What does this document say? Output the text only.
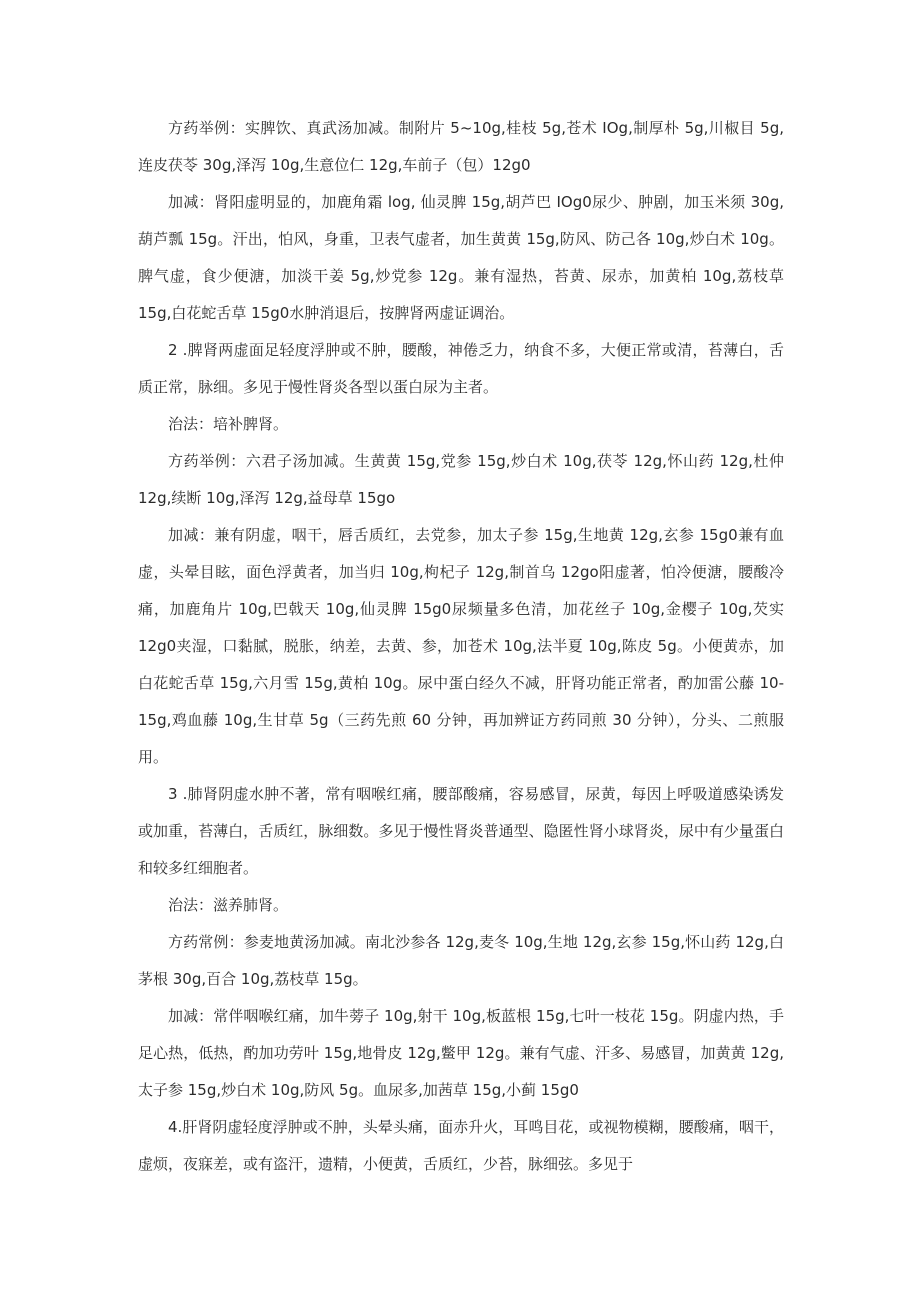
方药举例：实脾饮、真武汤加减。制附片 5~10g,桂枝 5g,苍术 IOg,制厚朴 5g,川椒目 5g,连皮茯苓 30g,泽泻 10g,生意位仁 12g,车前子（包）12g0

加减：肾阳虚明显的，加鹿角霜 log, 仙灵脾 15g,胡芦巴 IOg0尿少、肿剧，加玉米须 30g,葫芦瓢 15g。汗出，怕风，身重，卫表气虚者，加生黄黄 15g,防风、防己各 10g,炒白术 10g。脾气虚，食少便溏，加淡干姜 5g,炒党参 12g。兼有湿热，苔黄、尿赤，加黄柏 10g,荔枝草 15g,白花蛇舌草 15g0水肿消退后，按脾肾两虚证调治。

2 .脾肾两虚面足轻度浮肿或不肿，腰酸，神倦乏力，纳食不多，大便正常或清，苔薄白，舌质正常，脉细。多见于慢性肾炎各型以蛋白尿为主者。

治法：培补脾肾。

方药举例：六君子汤加减。生黄黄 15g,党参 15g,炒白术 10g,茯苓 12g,怀山药 12g,杜仲 12g,续断 10g,泽泻 12g,益母草 15go

加减：兼有阴虚，咽干，唇舌质红，去党参，加太子参 15g,生地黄 12g,玄参 15g0兼有血虚，头晕目眩，面色浮黄者，加当归 10g,枸杞子 12g,制首乌 12go阳虚著，怕冷便溏，腰酸冷痛，加鹿角片 10g,巴戟天 10g,仙灵脾 15g0尿频量多色清，加花丝子 10g,金樱子 10g,芡实 12g0夹湿，口黏腻，脱胀，纳差，去黄、参，加苍术 10g,法半夏 10g,陈皮 5g。小便黄赤，加白花蛇舌草 15g,六月雪 15g,黄柏 10g。尿中蛋白经久不减，肝肾功能正常者，酌加雷公藤 10-15g,鸡血藤 10g,生甘草 5g（三药先煎 60 分钟，再加辨证方药同煎 30 分钟），分头、二煎服用。

3 .肺肾阴虚水肿不著，常有咽喉红痛，腰部酸痛，容易感冒，尿黄，每因上呼吸道感染诱发或加重，苔薄白，舌质红，脉细数。多见于慢性肾炎普通型、隐匿性肾小球肾炎，尿中有少量蛋白和较多红细胞者。

治法：滋养肺肾。

方药常例：参麦地黄汤加减。南北沙参各 12g,麦冬 10g,生地 12g,玄参 15g,怀山药 12g,白茅根 30g,百合 10g,荔枝草 15g。

加减：常伴咽喉红痛，加牛蒡子 10g,射干 10g,板蓝根 15g,七叶一枝花 15g。阴虚内热，手足心热，低热，酌加功劳叶 15g,地骨皮 12g,鳖甲 12g。兼有气虚、汗多、易感冒，加黄黄 12g,太子参 15g,炒白术 10g,防风 5g。血尿多,加茜草 15g,小蓟 15g0

4.肝肾阴虚轻度浮肿或不肿，头晕头痛，面赤升火，耳鸣目花，或视物模糊，腰酸痛，咽干，虚烦，夜寐差，或有盗汗，遗精，小便黄，舌质红，少苔，脉细弦。多见于
